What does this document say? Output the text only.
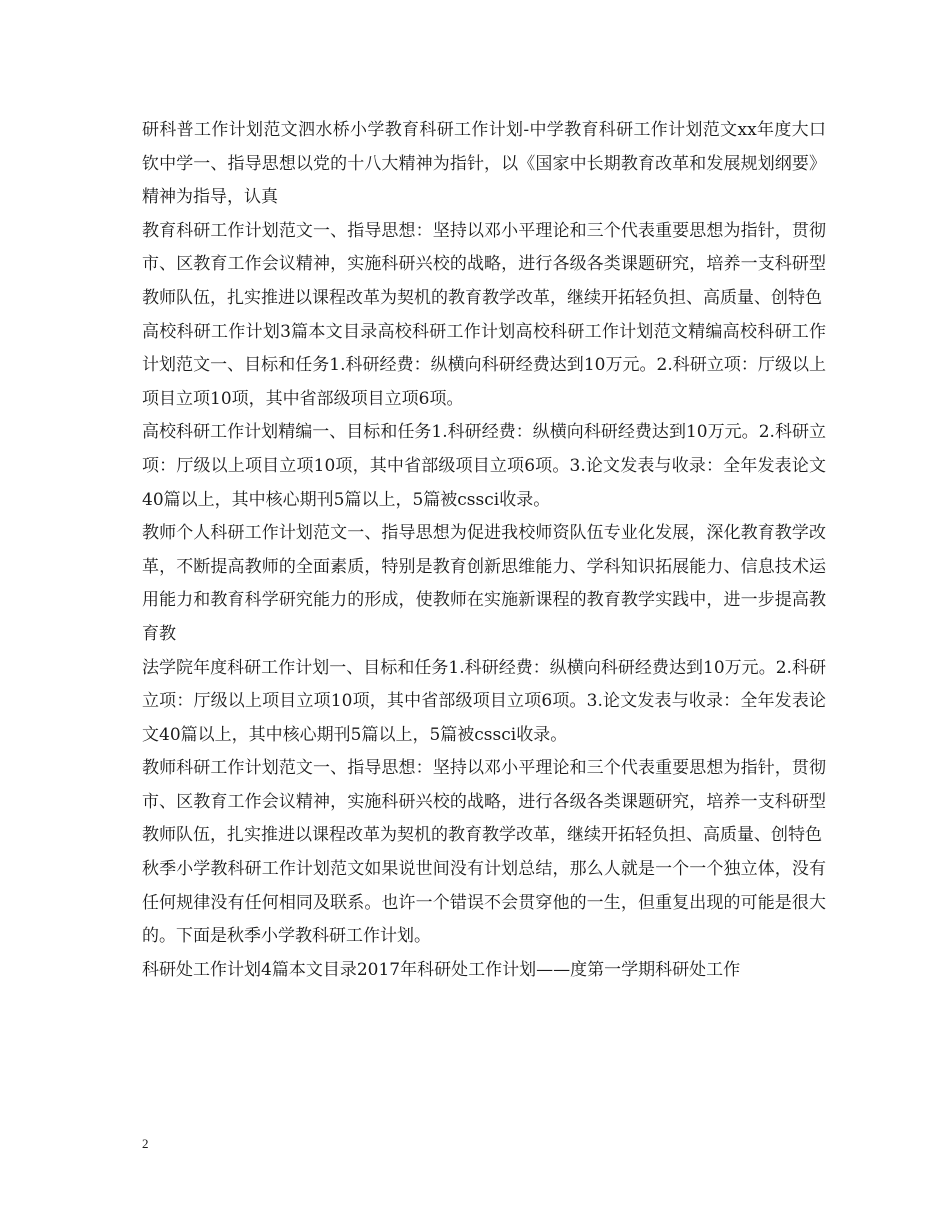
研科普工作计划范文泗水桥小学教育科研工作计划-中学教育科研工作计划范文xx年度大口钦中学一、指导思想以党的十八大精神为指针，以《国家中长期教育改革和发展规划纲要》精神为指导，认真

教育科研工作计划范文一、指导思想：坚持以邓小平理论和三个代表重要思想为指针，贯彻市、区教育工作会议精神，实施科研兴校的战略，进行各级各类课题研究，培养一支科研型教师队伍，扎实推进以课程改革为契机的教育教学改革，继续开拓轻负担、高质量、创特色

高校科研工作计划3篇本文目录高校科研工作计划高校科研工作计划范文精编高校科研工作计划范文一、目标和任务1.科研经费：纵横向科研经费达到10万元。2.科研立项：厅级以上项目立项10项，其中省部级项目立项6项。

高校科研工作计划精编一、目标和任务1.科研经费：纵横向科研经费达到10万元。2.科研立项：厅级以上项目立项10项，其中省部级项目立项6项。3.论文发表与收录：全年发表论文40篇以上，其中核心期刊5篇以上，5篇被cssci收录。

教师个人科研工作计划范文一、指导思想为促进我校师资队伍专业化发展，深化教育教学改革，不断提高教师的全面素质，特别是教育创新思维能力、学科知识拓展能力、信息技术运用能力和教育科学研究能力的形成，使教师在实施新课程的教育教学实践中，进一步提高教育教

法学院年度科研工作计划一、目标和任务1.科研经费：纵横向科研经费达到10万元。2.科研立项：厅级以上项目立项10项，其中省部级项目立项6项。3.论文发表与收录：全年发表论文40篇以上，其中核心期刊5篇以上，5篇被cssci收录。

教师科研工作计划范文一、指导思想：坚持以邓小平理论和三个代表重要思想为指针，贯彻市、区教育工作会议精神，实施科研兴校的战略，进行各级各类课题研究，培养一支科研型教师队伍，扎实推进以课程改革为契机的教育教学改革，继续开拓轻负担、高质量、创特色

秋季小学教科研工作计划范文如果说世间没有计划总结，那么人就是一个一个独立体，没有任何规律没有任何相同及联系。也许一个错误不会贯穿他的一生，但重复出现的可能是很大的。下面是秋季小学教科研工作计划。

科研处工作计划4篇本文目录2017年科研处工作计划——度第一学期科研处工作

2
